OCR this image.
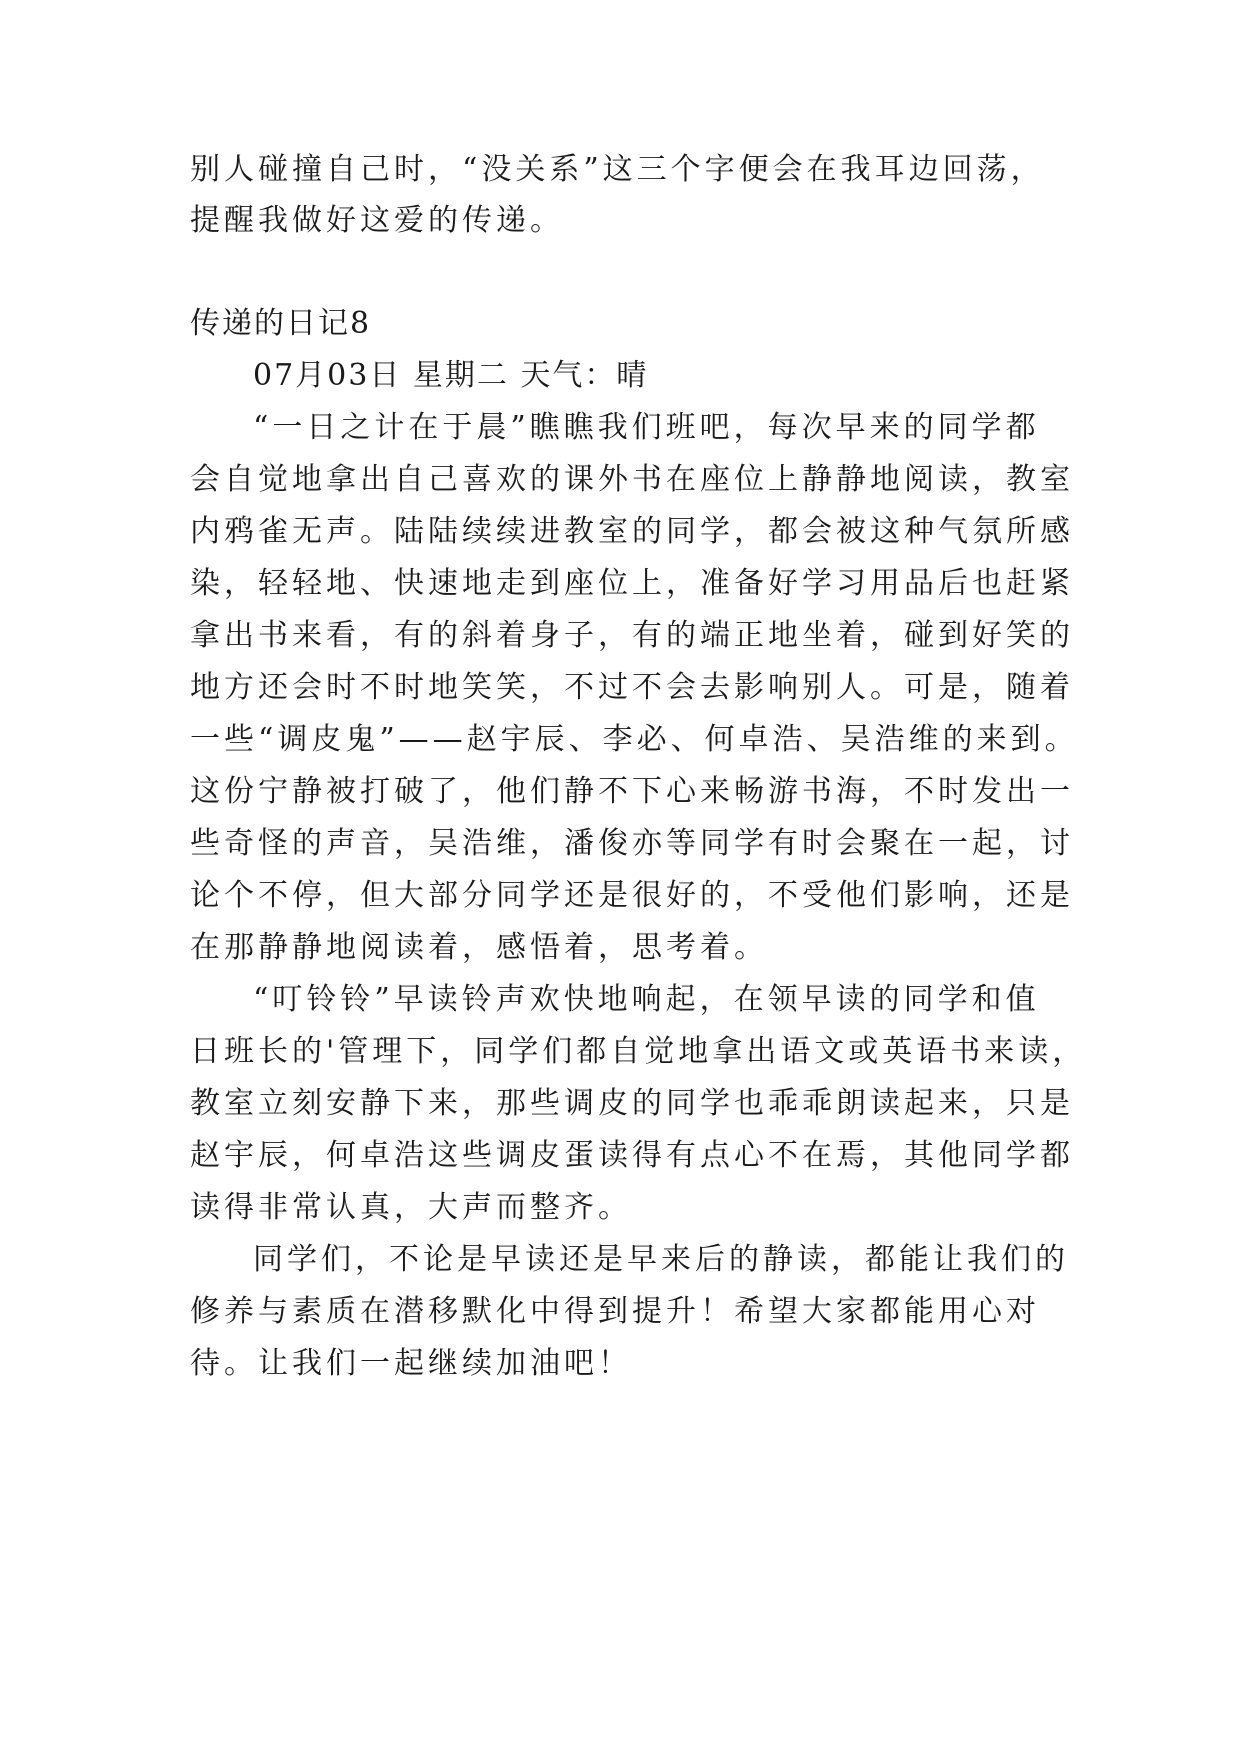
别人碰撞自己时，“没关系”这三个字便会在我耳边回荡，
提醒我做好这爱的传递。
传递的日记8
07月03日 星期二 天气：晴
“一日之计在于晨”瞧瞧我们班吧，每次早来的同学都
会自觉地拿出自己喜欢的课外书在座位上静静地阅读，教室
内鸦雀无声。陆陆续续进教室的同学，都会被这种气氛所感
染，轻轻地、快速地走到座位上，准备好学习用品后也赶紧
拿出书来看，有的斜着身子，有的端正地坐着，碰到好笑的
地方还会时不时地笑笑，不过不会去影响别人。可是，随着
一些“调皮鬼”——赵宇辰、李必、何卓浩、吴浩维的来到。
这份宁静被打破了，他们静不下心来畅游书海，不时发出一
些奇怪的声音，吴浩维，潘俊亦等同学有时会聚在一起，讨
论个不停，但大部分同学还是很好的，不受他们影响，还是
在那静静地阅读着，感悟着，思考着。
“叮铃铃”早读铃声欢快地响起，在领早读的同学和值
日班长的'管理下，同学们都自觉地拿出语文或英语书来读，
教室立刻安静下来，那些调皮的同学也乖乖朗读起来，只是
赵宇辰，何卓浩这些调皮蛋读得有点心不在焉，其他同学都
读得非常认真，大声而整齐。
同学们，不论是早读还是早来后的静读，都能让我们的
修养与素质在潜移默化中得到提升！希望大家都能用心对
待。让我们一起继续加油吧！
